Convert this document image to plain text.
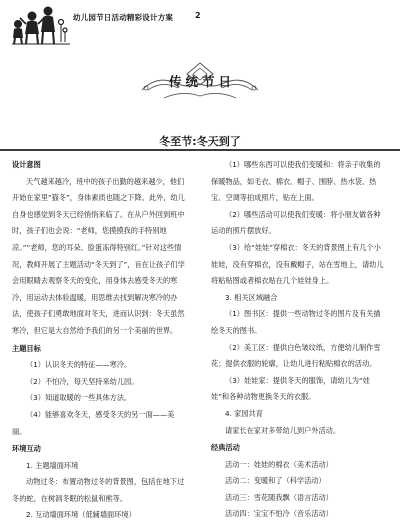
幼儿园节日活动精彩设计方案	2
传统节日
冬至节:冬天到了

设计意图

天气越来越冷，班中的孩子出勤的越来越少，他们开始在家里“猫冬”，身体素质也随之下降。此外，幼儿自身也感觉到冬天已经悄悄来临了。在从户外回到班中时，孩子们也会说：“老师，您摸摸我的手特别地凉。”“老师，您的耳朵、脸蛋冻得特别红。”针对这些情况，教师开展了主题活动“冬天到了”，旨在让孩子们学会用眼睛去观察冬天的变化，用身体去感受冬天的寒冷，用运动去体验温暖，用思维去找到解决寒冷的办法，使孩子们勇敢地面对冬天，进而认识到：冬天虽然寒冷，但它是大自然给予我们的另一个美丽的世界。

主题目标

（1）认识冬天的特征——寒冷。

（2）不怕冷，每天坚持来幼儿园。

（3）知道取暖的一些具体方法。

（4）能够喜欢冬天，感受冬天的另一面——美丽。

环境互动

1. 主题墙面环境

动物过冬：布置动物过冬的背景图，包括在地下过冬的蛇，在树洞冬眠的松鼠和熊等。

2. 互动墙面环境（低辅墙面环境）

（1）哪些东西可以使我们变暖和：将亲子收集的保暖物品，如毛衣、棉衣、帽子、围脖、热水袋、热宝、空调等拍成照片，贴在上面。

（2）哪些活动可以使我们变暖：将小朋友做各种运动的照片摆放好。

（3）给“娃娃”穿棉衣：冬天的背景图上有几个小娃娃，没有穿棉衣，没有戴帽子，站在雪地上，请幼儿将粘贴图或者棉衣贴在几个娃娃身上。

3. 相关区域融合

（1）图书区：提供一些动物过冬的图片及有关描绘冬天的图书。

（2）美工区：提供白色皱纹纸，方便幼儿制作雪花；提供衣服的轮廓，让幼儿进行粘贴棉衣的活动。

（3）娃娃家：提供冬天的服饰，请幼儿为“娃娃”和各种动物更换冬天的衣服。

4. 家园共育

请家长在家对多带幼儿到户外活动。

经典活动

活动一：娃娃的棉衣（美术活动）

活动二：变暖和了（科学活动）

活动三：雪花随我飘（语言活动）

活动四：宝宝不怕冷（音乐活动）
